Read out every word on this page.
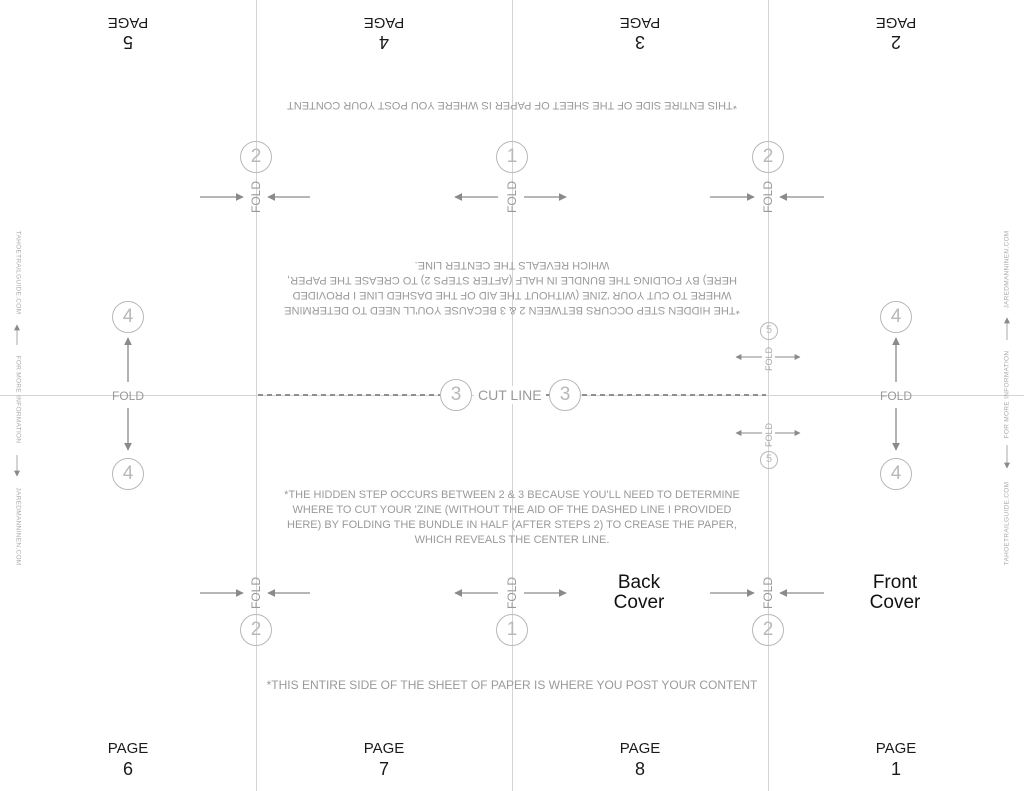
5
PAGE
4
PAGE
3
PAGE
2
PAGE
*THIS ENTIRE SIDE OF THE SHEET OF PAPER IS WHERE YOU POST YOUR CONTENT
2
FOLD
1
FOLD
2
FOLD
*THE HIDDEN STEP OCCURS BETWEEN 2 & 3 BECAUSE YOU'LL NEED TO DETERMINE WHERE TO CUT YOUR 'ZINE (WITHOUT THE AID OF THE DASHED LINE I PROVIDED HERE) BY FOLDING THE BUNDLE IN HALF (AFTER STEPS 2) TO CREASE THE PAPER, WHICH REVEALS THE CENTER LINE.
4
FOLD
4
4
FOLD
4
5
FOLD
FOLD
5
3	CUT LINE 3
*THE HIDDEN STEP OCCURS BETWEEN 2 & 3 BECAUSE YOU'LL NEED TO DETERMINE WHERE TO CUT YOUR 'ZINE (WITHOUT THE AID OF THE DASHED LINE I PROVIDED HERE) BY FOLDING THE BUNDLE IN HALF (AFTER STEPS 2) TO CREASE THE PAPER, WHICH REVEALS THE CENTER LINE.
FOLD
2
FOLD
1
FOLD
2
Back
Cover
Front
Cover
*THIS ENTIRE SIDE OF THE SHEET OF PAPER IS WHERE YOU POST YOUR CONTENT
PAGE
6
PAGE
7
PAGE
8
PAGE
1
TAHOETRAILGUIDE.COM
FOR MORE INFORMATION
JAREDMANNINEN.COM
JAREDMANNINEN.COM
FOR MORE INFORMATION
TAHOETRAILGUIDE.COM
